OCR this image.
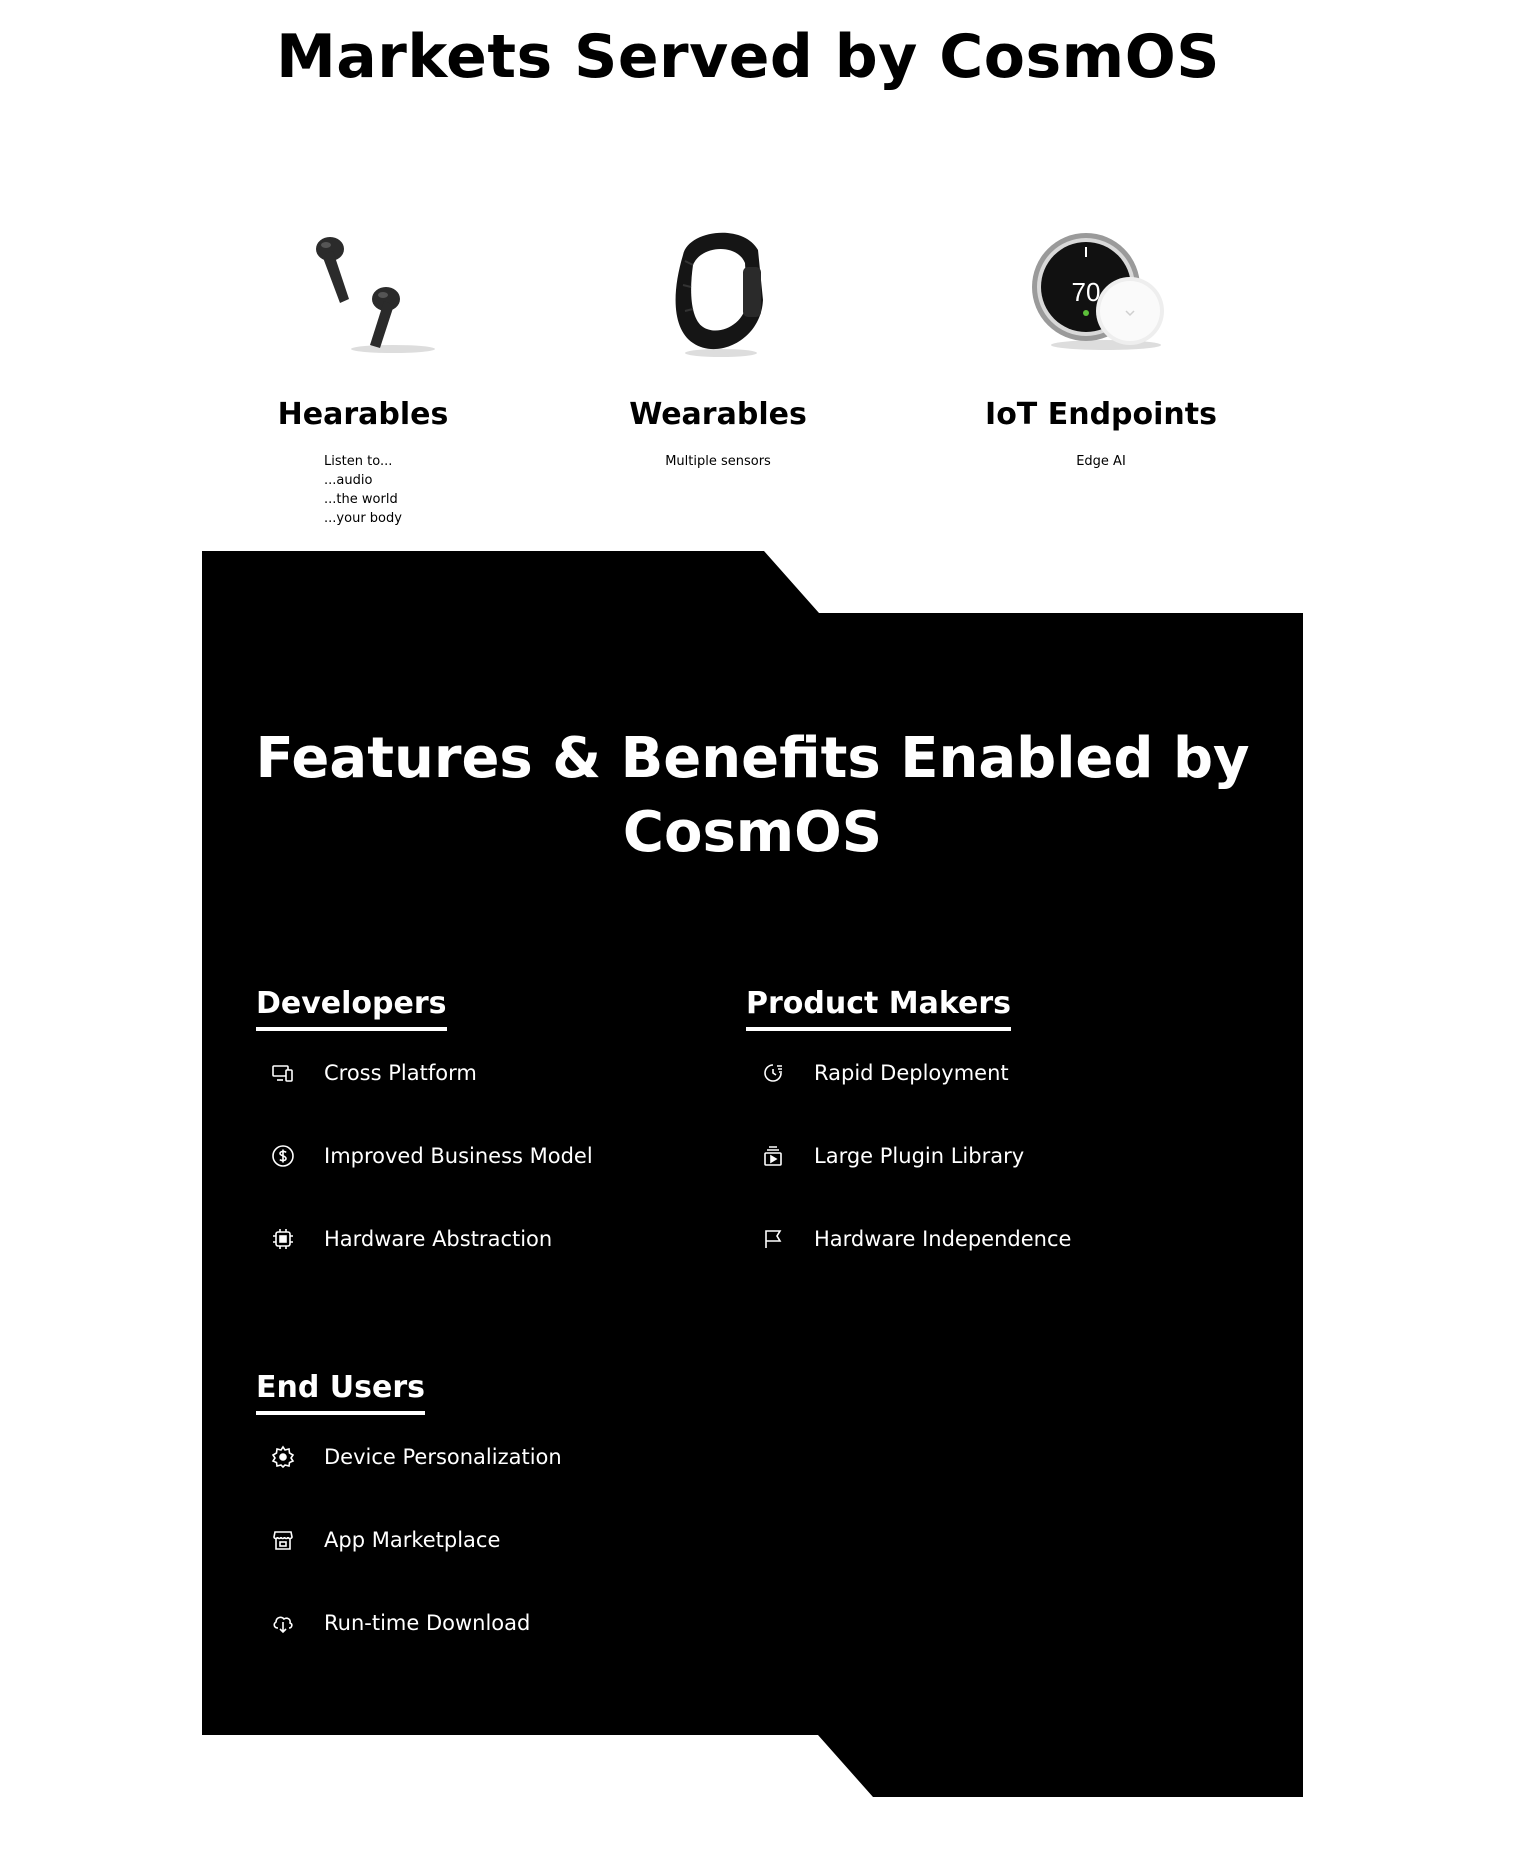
Markets Served by CosmOS
Hearables
Listen to...
...audio
...the world
...your body
Wearables
Multiple sensors
70
IoT Endpoints
Edge AI
Features & Benefits Enabled by
CosmOS
Developers
Cross Platform
Improved Business Model
Hardware Abstraction
Product Makers
Rapid Deployment
Large Plugin Library
Hardware Independence
End Users
Device Personalization
App Marketplace
Run-time Download
